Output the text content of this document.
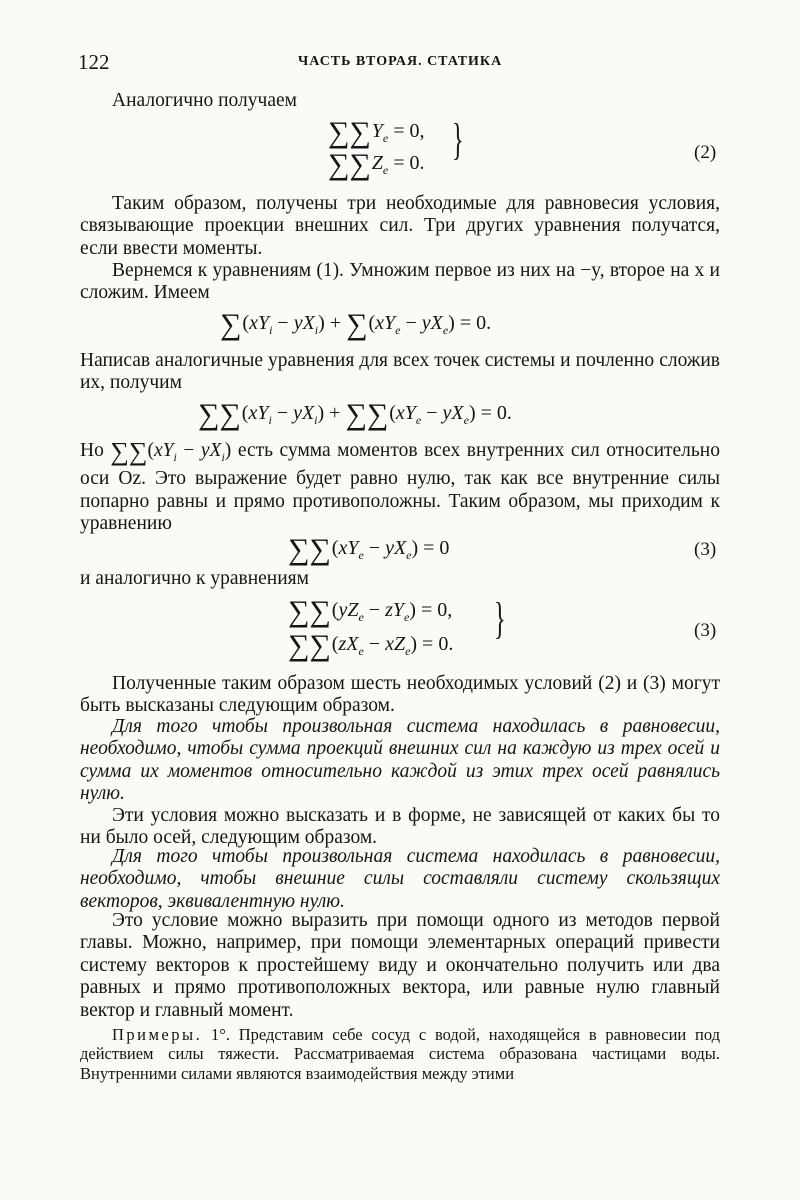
122	ЧАСТЬ ВТОРАЯ. СТАТИКА
Аналогично получаем
$\sum\sum Y_e = 0$,
$\sum\sum Z_e = 0$. }	(2)
Таким образом, получены три необходимые для равновесия условия, связывающие проекции внешних сил. Три других уравнения получатся, если ввести моменты.
Вернемся к уравнениям (1). Умножим первое из них на −y, второе на x и сложим. Имеем
$\sum(xY_i - yX_i) + \sum(xY_e - yX_e) = 0$.
Написав аналогичные уравнения для всех точек системы и почленно сложив их, получим
$\sum\sum(xY_i - yX_i) + \sum\sum(xY_e - yX_e) = 0$.
Но $\sum\sum(xY_i - yX_i)$ есть сумма моментов всех внутренних сил относительно оси Oz. Это выражение будет равно нулю, так как все внутренние силы попарно равны и прямо противоположны. Таким образом, мы приходим к уравнению
$\sum\sum(xY_e - yX_e) = 0$	(3)
и аналогично к уравнениям
$\sum\sum(yZ_e - zY_e) = 0$,
$\sum\sum(zX_e - xZ_e) = 0$.
}	(3)
Полученные таким образом шесть необходимых условий (2) и (3) могут быть высказаны следующим образом.
Для того чтобы произвольная система находилась в равновесии, необходимо, чтобы сумма проекций внешних сил на каждую из трех осей и сумма их моментов относительно каждой из этих трех осей равнялись нулю.
Эти условия можно высказать и в форме, не зависящей от каких бы то ни было осей, следующим образом.
Для того чтобы произвольная система находилась в равновесии, необходимо, чтобы внешние силы составляли систему скользящих векторов, эквивалентную нулю.
Это условие можно выразить при помощи одного из методов первой главы. Можно, например, при помощи элементарных операций привести систему векторов к простейшему виду и окончательно получить или два равных и прямо противоположных вектора, или равные нулю главный вектор и главный момент.
Примеры. 1°. Представим себе сосуд с водой, находящейся в равновесии под действием силы тяжести. Рассматриваемая система образована частицами воды. Внутренними силами являются взаимодействия между этими
